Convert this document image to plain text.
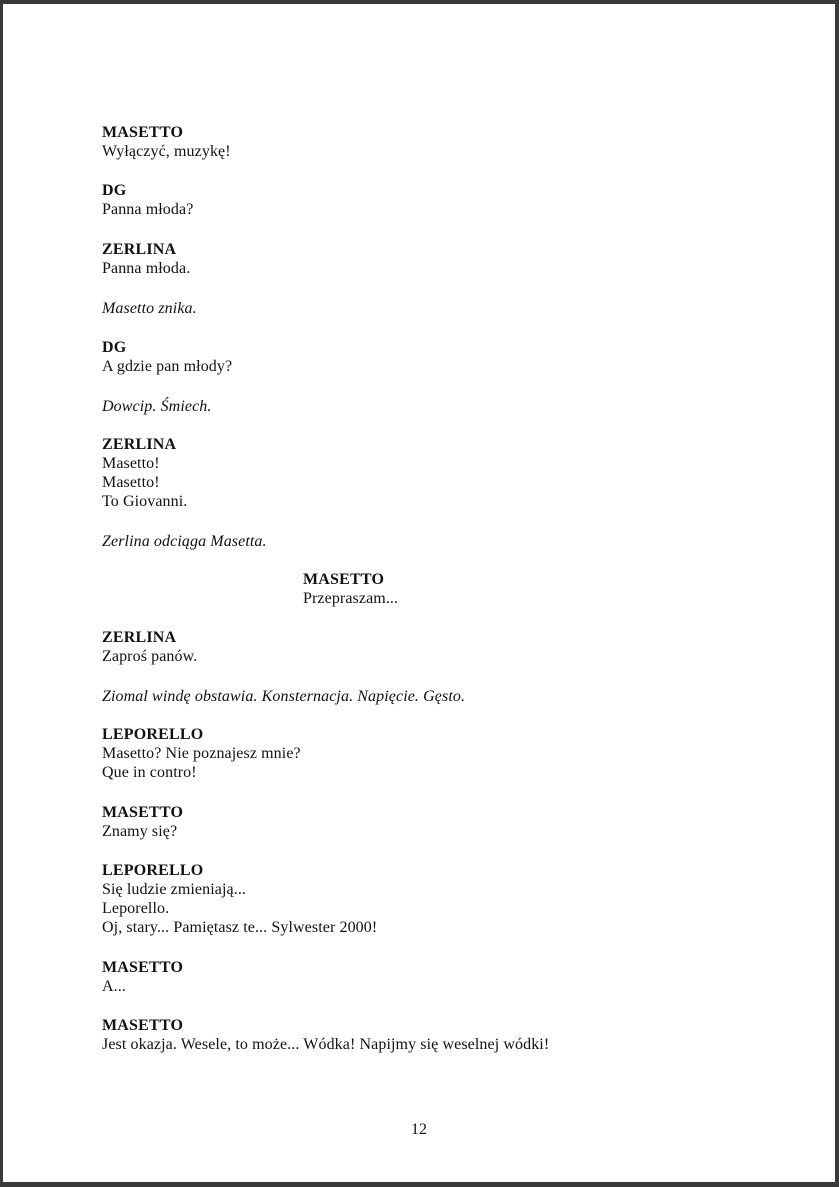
MASETTO
Wyłączyć, muzykę!
DG
Panna młoda?
ZERLINA
Panna młoda.
Masetto znika.
DG
A gdzie pan młody?
Dowcip. Śmiech.
ZERLINA
Masetto!
Masetto!
To Giovanni.
Zerlina odciąga Masetta.
MASETTO
Przepraszam...
ZERLINA
Zaproś panów.
Ziomal windę obstawia. Konsternacja. Napięcie. Gęsto.
LEPORELLO
Masetto? Nie poznajesz mnie?
Que in contro!
MASETTO
Znamy się?
LEPORELLO
Się ludzie zmieniają...
Leporello.
Oj, stary... Pamiętasz te... Sylwester 2000!
MASETTO
A...
MASETTO
Jest okazja. Wesele, to może... Wódka! Napijmy się weselnej wódki!
12
